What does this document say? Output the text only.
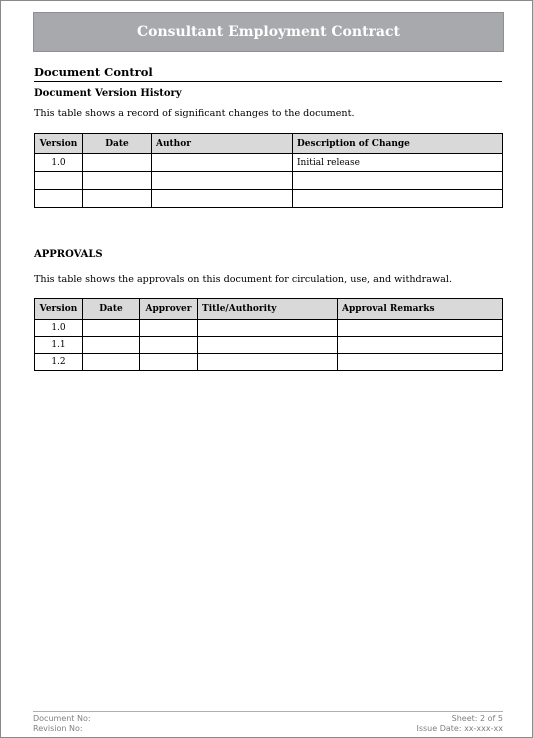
Consultant Employment Contract
Document Control
Document Version History
This table shows a record of significant changes to the document.
Version	Date	Author	Description of Change
1.0			Initial release

APPROVALS
This table shows the approvals on this document for circulation, use, and withdrawal.
Version	Date	Approver	Title/Authority	Approval Remarks
1.0				
1.1				
1.2				
Document No:
Revision No:
Sheet: 2 of 5
Issue Date: xx-xxx-xx
